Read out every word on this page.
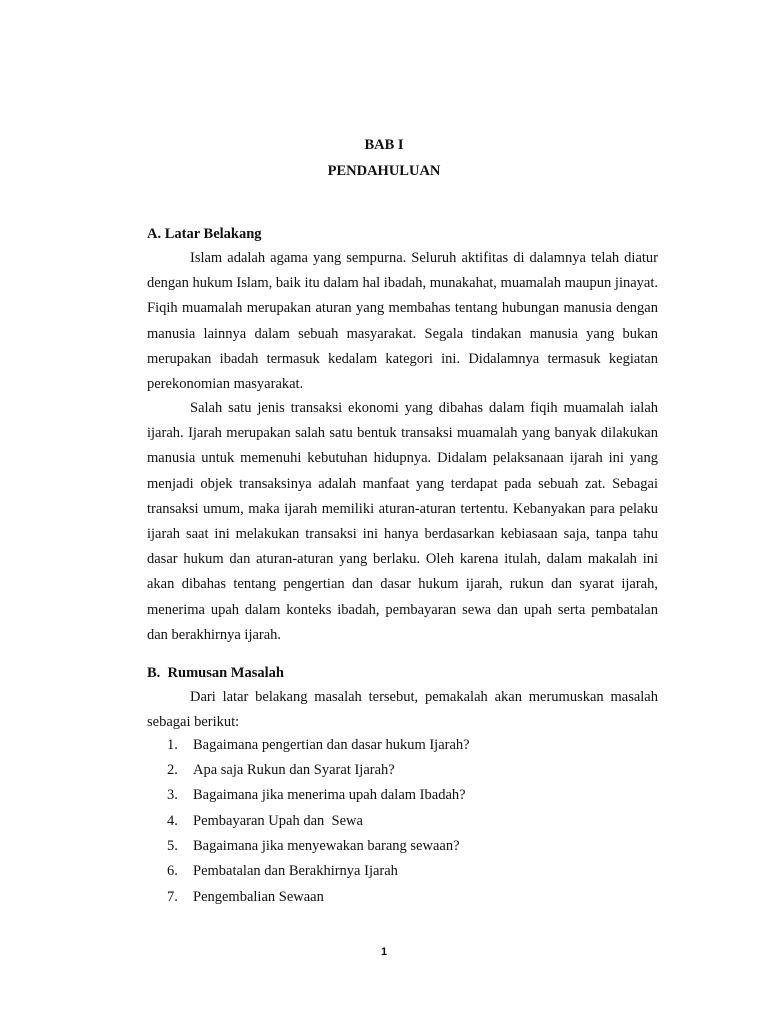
BAB I
PENDAHULUAN
A. Latar Belakang

Islam adalah agama yang sempurna. Seluruh aktifitas di dalamnya telah diatur dengan hukum Islam, baik itu dalam hal ibadah, munakahat, muamalah maupun jinayat. Fiqih muamalah merupakan aturan yang membahas tentang hubungan manusia dengan manusia lainnya dalam sebuah masyarakat. Segala tindakan manusia yang bukan merupakan ibadah termasuk kedalam kategori ini. Didalamnya termasuk kegiatan perekonomian masyarakat.

Salah satu jenis transaksi ekonomi yang dibahas dalam fiqih muamalah ialah ijarah. Ijarah merupakan salah satu bentuk transaksi muamalah yang banyak dilakukan manusia untuk memenuhi kebutuhan hidupnya. Didalam pelaksanaan ijarah ini yang menjadi objek transaksinya adalah manfaat yang terdapat pada sebuah zat. Sebagai transaksi umum, maka ijarah memiliki aturan-aturan tertentu. Kebanyakan para pelaku ijarah saat ini melakukan transaksi ini hanya berdasarkan kebiasaan saja, tanpa tahu dasar hukum dan aturan-aturan yang berlaku. Oleh karena itulah, dalam makalah ini akan dibahas tentang pengertian dan dasar hukum ijarah, rukun dan syarat ijarah, menerima upah dalam konteks ibadah, pembayaran sewa dan upah serta pembatalan dan berakhirnya ijarah.

B.  Rumusan Masalah

Dari latar belakang masalah tersebut, pemakalah akan merumuskan masalah sebagai berikut:

1. Bagaimana pengertian dan dasar hukum Ijarah?
2. Apa saja Rukun dan Syarat Ijarah?
3. Bagaimana jika menerima upah dalam Ibadah?
4. Pembayaran Upah dan  Sewa
5. Bagaimana jika menyewakan barang sewaan?
6. Pembatalan dan Berakhirnya Ijarah
7. Pengembalian Sewaan
1
